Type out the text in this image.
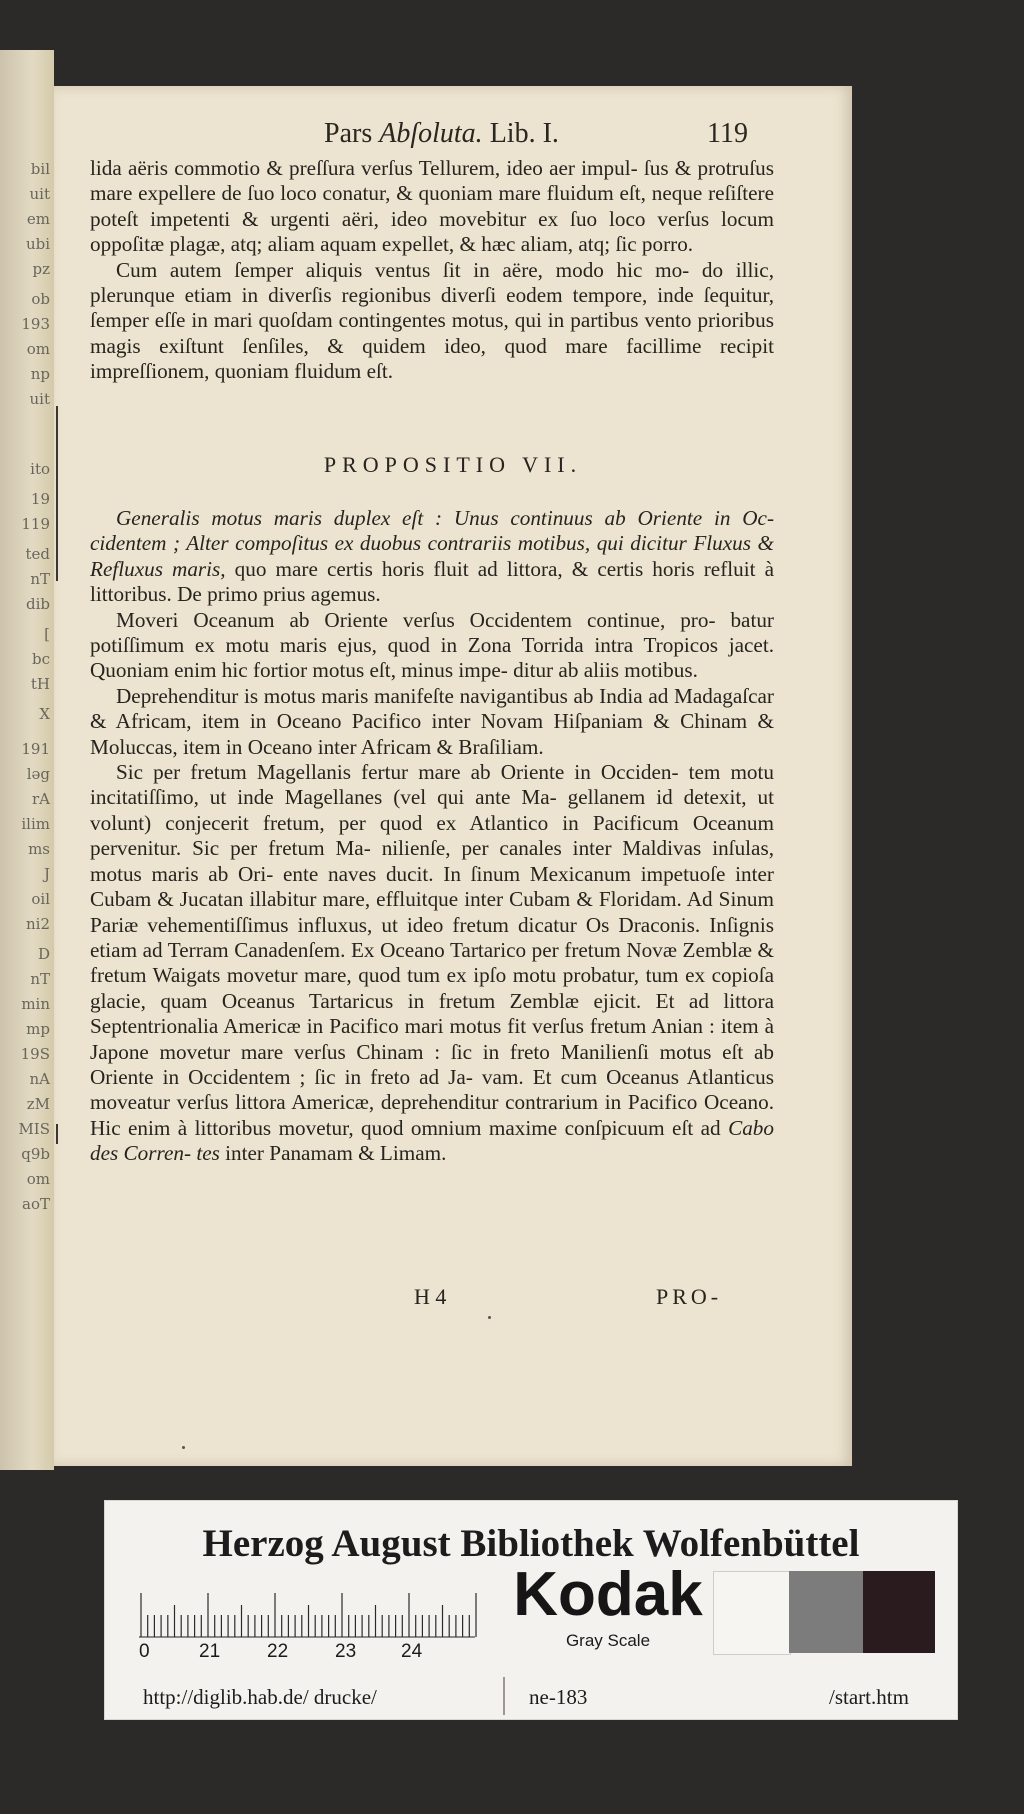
bil
uit
em
ubi
pz
ob
193
om
np
uit
ito
19
119
ted
nT
dib
[
bc
tH
X
191
ləg
rA
ilim
ms
J
oil
ni2
D
nT
min
mp
19S
nA
zM
MIS
q9b
om
aoT
Pars Abſoluta. Lib. I.	119

lida aëris commotio & preſſura verſus Tellurem, ideo aer impul- ſus & protruſus mare expellere de ſuo loco conatur, & quoniam mare fluidum eſt, neque reſiſtere poteſt impetenti & urgenti aëri, ideo movebitur ex ſuo loco verſus locum oppoſitæ plagæ, atq; aliam aquam expellet, & hæc aliam, atq; ſic porro.

Cum autem ſemper aliquis ventus ſit in aëre, modo hic mo- do illic, plerunque etiam in diverſis regionibus diverſi eodem tempore, inde ſequitur, ſemper eſſe in mari quoſdam contingentes motus, qui in partibus vento prioribus magis exiſtunt ſenſiles, & quidem ideo, quod mare facillime recipit impreſſionem, quoniam fluidum eſt.

PROPOSITIO VII.

Generalis motus maris duplex eſt : Unus continuus ab Oriente in Oc- cidentem ; Alter compoſitus ex duobus contrariis motibus, qui dicitur Fluxus & Refluxus maris, quo mare certis horis fluit ad littora, & certis horis refluit à littoribus. De primo prius agemus.

Moveri Oceanum ab Oriente verſus Occidentem continue, pro- batur potiſſimum ex motu maris ejus, quod in Zona Torrida intra Tropicos jacet. Quoniam enim hic fortior motus eſt, minus impe- ditur ab aliis motibus.

Deprehenditur is motus maris manifeſte navigantibus ab India ad Madagaſcar & Africam, item in Oceano Pacifico inter Novam Hiſpaniam & Chinam & Moluccas, item in Oceano inter Africam & Braſiliam.

Sic per fretum Magellanis fertur mare ab Oriente in Occiden- tem motu incitatiſſimo, ut inde Magellanes (vel qui ante Ma- gellanem id detexit, ut volunt) conjecerit fretum, per quod ex Atlantico in Pacificum Oceanum pervenitur. Sic per fretum Ma- nilienſe, per canales inter Maldivas inſulas, motus maris ab Ori- ente naves ducit. In ſinum Mexicanum impetuoſe inter Cubam & Jucatan illabitur mare, effluitque inter Cubam & Floridam. Ad Sinum Pariæ vehementiſſimus influxus, ut ideo fretum dicatur Os Draconis. Inſignis etiam ad Terram Canadenſem. Ex Oceano Tartarico per fretum Novæ Zemblæ & fretum Waigats movetur mare, quod tum ex ipſo motu probatur, tum ex copioſa glacie, quam Oceanus Tartaricus in fretum Zemblæ ejicit. Et ad littora Septentrionalia Americæ in Pacifico mari motus fit verſus fretum Anian : item à Japone movetur mare verſus Chinam : ſic in freto Manilienſi motus eſt ab Oriente in Occidentem ; ſic in freto ad Ja- vam. Et cum Oceanus Atlanticus moveatur verſus littora Americæ, deprehenditur contrarium in Pacifico Oceano. Hic enim à littoribus movetur, quod omnium maxime conſpicuum eſt ad Cabo des Corren- tes inter Panamam & Limam.

H 4	PRO-
Herzog August Bibliothek Wolfenbüttel
0	21 22 23 24
Kodak
Gray Scale
http://diglib.hab.de/ drucke/	ne-183	/start.htm
